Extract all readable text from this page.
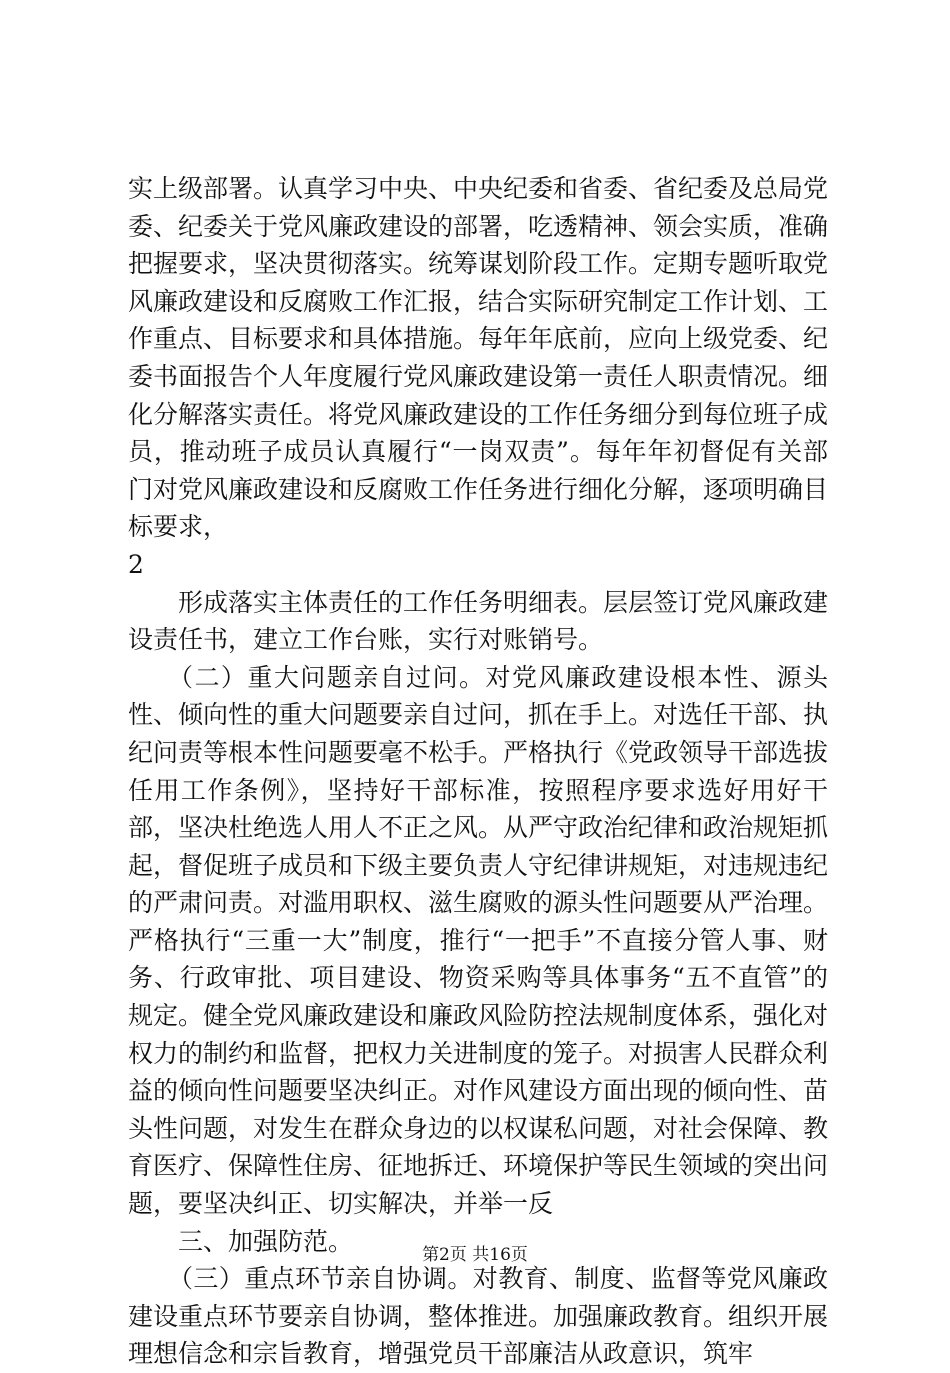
实上级部署。认真学习中央、中央纪委和省委、省纪委及总局党委、纪委关于党风廉政建设的部署，吃透精神、领会实质，准确把握要求，坚决贯彻落实。统筹谋划阶段工作。定期专题听取党风廉政建设和反腐败工作汇报，结合实际研究制定工作计划、工作重点、目标要求和具体措施。每年年底前，应向上级党委、纪委书面报告个人年度履行党风廉政建设第一责任人职责情况。细化分解落实责任。将党风廉政建设的工作任务细分到每位班子成员，推动班子成员认真履行“一岗双责”。每年年初督促有关部门对党风廉政建设和反腐败工作任务进行细化分解，逐项明确目标要求，

2

形成落实主体责任的工作任务明细表。层层签订党风廉政建设责任书，建立工作台账，实行对账销号。

（二）重大问题亲自过问。对党风廉政建设根本性、源头性、倾向性的重大问题要亲自过问，抓在手上。对选任干部、执纪问责等根本性问题要毫不松手。严格执行《党政领导干部选拔任用工作条例》，坚持好干部标准，按照程序要求选好用好干部，坚决杜绝选人用人不正之风。从严守政治纪律和政治规矩抓起，督促班子成员和下级主要负责人守纪律讲规矩，对违规违纪的严肃问责。对滥用职权、滋生腐败的源头性问题要从严治理。严格执行“三重一大”制度，推行“一把手”不直接分管人事、财务、行政审批、项目建设、物资采购等具体事务“五不直管”的规定。健全党风廉政建设和廉政风险防控法规制度体系，强化对权力的制约和监督，把权力关进制度的笼子。对损害人民群众利益的倾向性问题要坚决纠正。对作风建设方面出现的倾向性、苗头性问题，对发生在群众身边的以权谋私问题，对社会保障、教育医疗、保障性住房、征地拆迁、环境保护等民生领域的突出问题，要坚决纠正、切实解决，并举一反

三、加强防范。

（三）重点环节亲自协调。对教育、制度、监督等党风廉政建设重点环节要亲自协调，整体推进。加强廉政教育。组织开展理想信念和宗旨教育，增强党员干部廉洁从政意识，筑牢

第2页 共16页
